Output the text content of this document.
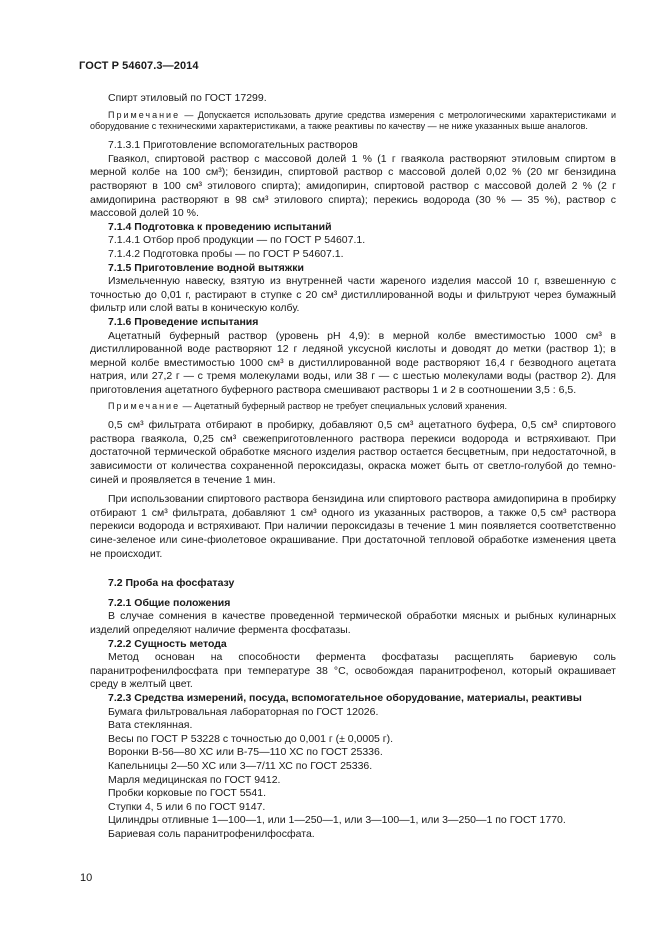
ГОСТ Р 54607.3—2014

Спирт этиловый по ГОСТ 17299.

Примечание — Допускается использовать другие средства измерения с метрологическими характеристиками и оборудование с техническими характеристиками, а также реактивы по качеству — не ниже указанных выше аналогов.

7.1.3.1 Приготовление вспомогательных растворов

Гваякол, спиртовой раствор с массовой долей 1 % (1 г гваякола растворяют этиловым спиртом в мерной колбе на 100 см³); бензидин, спиртовой раствор с массовой долей 0,02 % (20 мг бензидина растворяют в 100 см³ этилового спирта); амидопирин, спиртовой раствор с массовой долей 2 % (2 г амидопирина растворяют в 98 см³ этилового спирта); перекись водорода (30 % — 35 %), раствор с массовой долей 10 %.

7.1.4 Подготовка к проведению испытаний

7.1.4.1 Отбор проб продукции — по ГОСТ Р 54607.1.

7.1.4.2 Подготовка пробы — по ГОСТ Р 54607.1.

7.1.5 Приготовление водной вытяжки

Измельченную навеску, взятую из внутренней части жареного изделия массой 10 г, взвешенную с точностью до 0,01 г, растирают в ступке с 20 см³ дистиллированной воды и фильтруют через бумажный фильтр или слой ваты в коническую колбу.

7.1.6 Проведение испытания

Ацетатный буферный раствор (уровень pH 4,9): в мерной колбе вместимостью 1000 см³ в дистиллированной воде растворяют 12 г ледяной уксусной кислоты и доводят до метки (раствор 1); в мерной колбе вместимостью 1000 см³ в дистиллированной воде растворяют 16,4 г безводного ацетата натрия, или 27,2 г — с тремя молекулами воды, или 38 г — с шестью молекулами воды (раствор 2). Для приготовления ацетатного буферного раствора смешивают растворы 1 и 2 в соотношении 3,5 : 6,5.

Примечание — Ацетатный буферный раствор не требует специальных условий хранения.

0,5 см³ фильтрата отбирают в пробирку, добавляют 0,5 см³ ацетатного буфера, 0,5 см³ спиртового раствора гваякола, 0,25 см³ свежеприготовленного раствора перекиси водорода и встряхивают. При достаточной термической обработке мясного изделия раствор остается бесцветным, при недостаточной, в зависимости от количества сохраненной пероксидазы, окраска может быть от светло-голубой до темно-синей и проявляется в течение 1 мин.

При использовании спиртового раствора бензидина или спиртового раствора амидопирина в пробирку отбирают 1 см³ фильтрата, добавляют 1 см³ одного из указанных растворов, а также 0,5 см³ раствора перекиси водорода и встряхивают. При наличии пероксидазы в течение 1 мин появляется соответственно сине-зеленое или сине-фиолетовое окрашивание. При достаточной тепловой обработке изменения цвета не происходит.

7.2 Проба на фосфатазу

7.2.1 Общие положения

В случае сомнения в качестве проведенной термической обработки мясных и рыбных кулинарных изделий определяют наличие фермента фосфатазы.

7.2.2 Сущность метода

Метод основан на способности фермента фосфатазы расщеплять бариевую соль паранитрофенилфосфата при температуре 38 °С, освобождая паранитрофенол, который окрашивает среду в желтый цвет.

7.2.3 Средства измерений, посуда, вспомогательное оборудование, материалы, реактивы

Бумага фильтровальная лабораторная по ГОСТ 12026.

Вата стеклянная.

Весы по ГОСТ Р 53228 с точностью до 0,001 г (± 0,0005 г).

Воронки В-56—80 ХС или В-75—110 ХС по ГОСТ 25336.

Капельницы 2—50 ХС или 3—7/11 ХС по ГОСТ 25336.

Марля медицинская по ГОСТ 9412.

Пробки корковые по ГОСТ 5541.

Ступки 4, 5 или 6 по ГОСТ 9147.

Цилиндры отливные 1—100—1, или 1—250—1, или 3—100—1, или 3—250—1 по ГОСТ 1770.

Бариевая соль паранитрофенилфосфата.

10
